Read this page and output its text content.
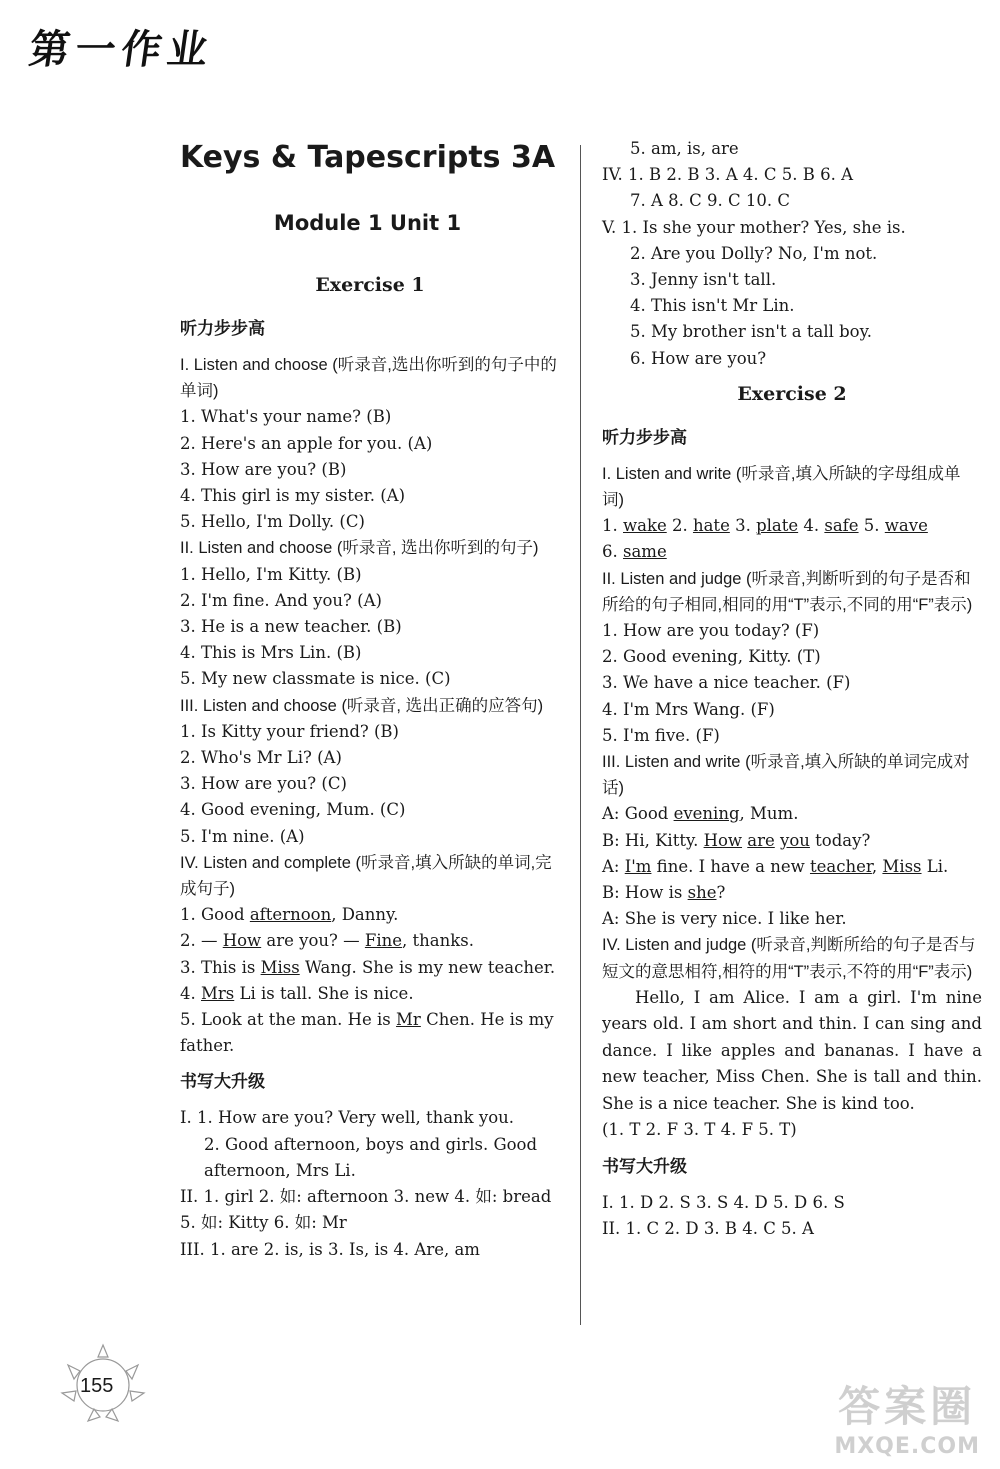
第一作业
Keys & Tapescripts 3A
Module 1 Unit 1
Exercise 1
听力步步高
I. Listen and choose (听录音,选出你听到的句子中的单词)
1. What's your name? (B)
2. Here's an apple for you. (A)
3. How are you? (B)
4. This girl is my sister. (A)
5. Hello, I'm Dolly. (C)
II. Listen and choose (听录音, 选出你听到的句子)
1. Hello, I'm Kitty. (B)
2. I'm fine. And you? (A)
3. He is a new teacher. (B)
4. This is Mrs Lin. (B)
5. My new classmate is nice. (C)
III. Listen and choose (听录音, 选出正确的应答句)
1. Is Kitty your friend? (B)
2. Who's Mr Li? (A)
3. How are you? (C)
4. Good evening, Mum. (C)
5. I'm nine. (A)
IV. Listen and complete (听录音,填入所缺的单词,完成句子)
1. Good afternoon, Danny.
2. — How are you? — Fine, thanks.
3. This is Miss Wang. She is my new teacher.
4. Mrs Li is tall. She is nice.
5. Look at the man. He is Mr Chen. He is my father.
书写大升级
I. 1. How are you? Very well, thank you.
2. Good afternoon, boys and girls. Good afternoon, Mrs Li.
II. 1. girl 2. 如: afternoon 3. new 4. 如: bread 5. 如: Kitty 6. 如: Mr
III. 1. are 2. is, is 3. Is, is 4. Are, am
5. am, is, are
IV. 1. B 2. B 3. A 4. C 5. B 6. A
7. A 8. C 9. C 10. C
V. 1. Is she your mother? Yes, she is.
2. Are you Dolly? No, I'm not.
3. Jenny isn't tall.
4. This isn't Mr Lin.
5. My brother isn't a tall boy.
6. How are you?
Exercise 2
听力步步高
I. Listen and write (听录音,填入所缺的字母组成单词)
1. wake 2. hate 3. plate 4. safe 5. wave
6. same
II. Listen and judge (听录音,判断听到的句子是否和所给的句子相同,相同的用“T”表示,不同的用“F”表示)
1. How are you today? (F)
2. Good evening, Kitty. (T)
3. We have a nice teacher. (F)
4. I'm Mrs Wang. (F)
5. I'm five. (F)
III. Listen and write (听录音,填入所缺的单词完成对话)
A: Good evening, Mum.
B: Hi, Kitty. How are you today?
A: I'm fine. I have a new teacher, Miss Li.
B: How is she?
A: She is very nice. I like her.
IV. Listen and judge (听录音,判断所给的句子是否与短文的意思相符,相符的用“T”表示,不符的用“F”表示)
Hello, I am Alice. I am a girl. I'm nine years old. I am short and thin. I can sing and dance. I like apples and bananas. I have a new teacher, Miss Chen. She is tall and thin. She is a nice teacher. She is kind too.
(1. T 2. F 3. T 4. F 5. T)
书写大升级
I. 1. D 2. S 3. S 4. D 5. D 6. S
II. 1. C 2. D 3. B 4. C 5. A
155	答案圈
MXQE.COM
